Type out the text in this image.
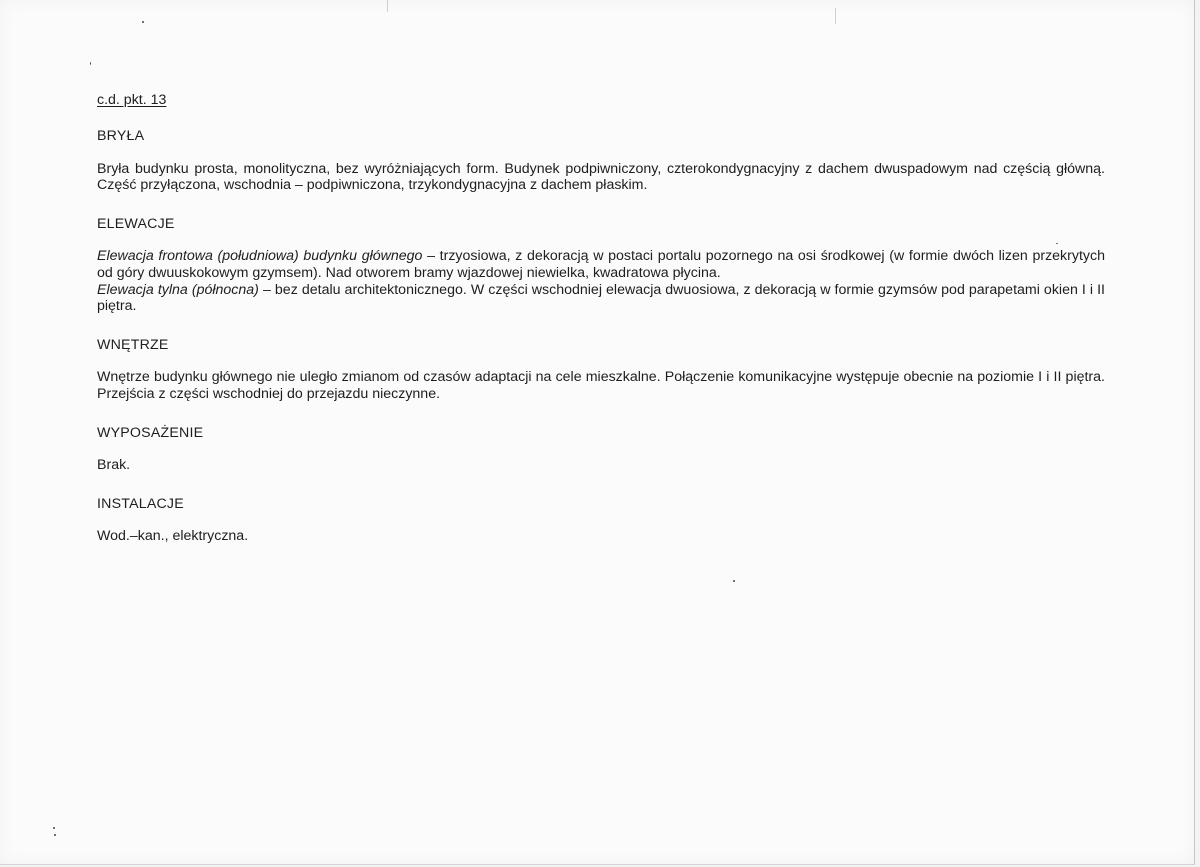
c.d. pkt. 13
BRYŁA

Bryła budynku prosta, monolityczna, bez wyróżniających form. Budynek podpiwniczony, czterokondygnacyjny z dachem dwuspadowym nad częścią główną. Część przyłączona, wschodnia – podpiwniczona, trzykondygnacyjna z dachem płaskim.

ELEWACJE

Elewacja frontowa (południowa) budynku głównego – trzyosiowa, z dekoracją w postaci portalu pozornego na osi środkowej (w formie dwóch lizen przekrytych od góry dwuuskokowym gzymsem). Nad otworem bramy wjazdowej niewielka, kwadratowa płycina.

Elewacja tylna (północna) – bez detalu architektonicznego. W części wschodniej elewacja dwuosiowa, z dekoracją w formie gzymsów pod parapetami okien I i II piętra.

WNĘTRZE

Wnętrze budynku głównego nie uległo zmianom od czasów adaptacji na cele mieszkalne. Połączenie komunikacyjne występuje obecnie na poziomie I i II piętra. Przejścia z części wschodniej do przejazdu nieczynne.

WYPOSAŻENIE

Brak.

INSTALACJE

Wod.–kan., elektryczna.
